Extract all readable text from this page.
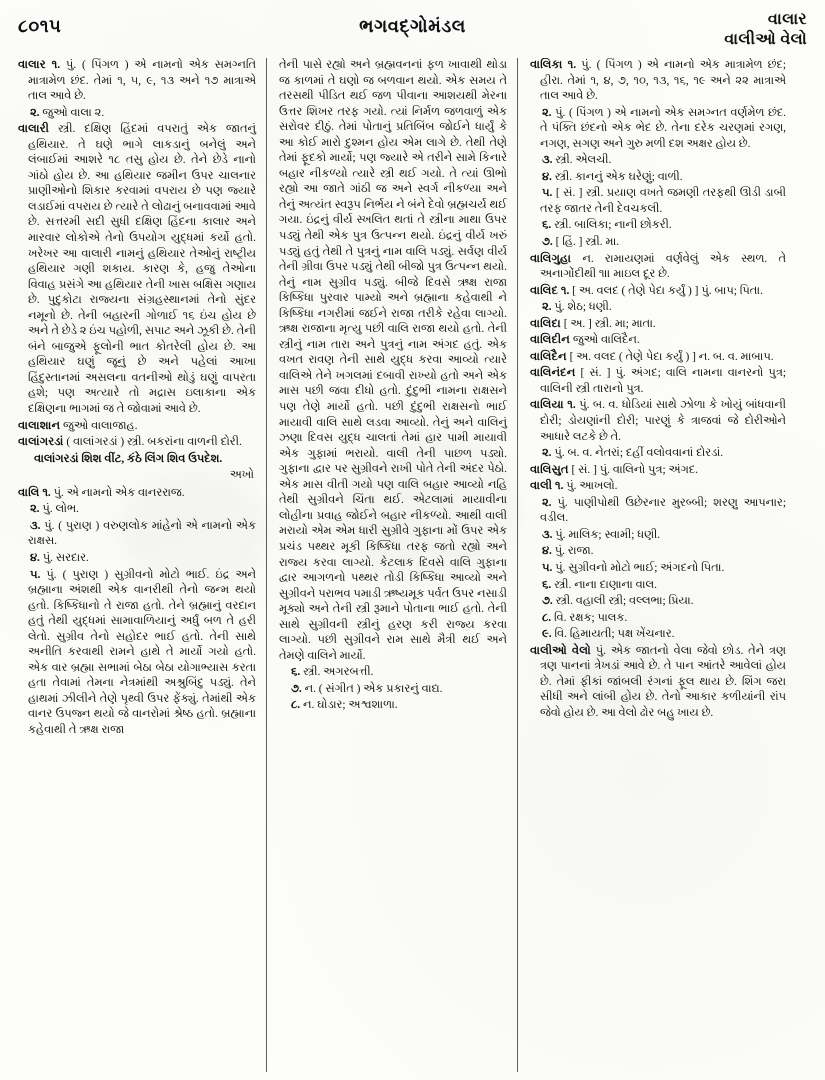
૮૦૧૫	ભગવદ્ગોમંડલ	વાલાર
વાલીઓ વેલો
વાલાર ૧. પું. ( પિંગળ ) એ નામનો એક સમગ્નતિ માત્રામેળ છંદ. તેમાં ૧, ૫, ૯, ૧૩ અને ૧૭ માત્રાએ તાલ આવે છે.
૨. જુઓ વાલા ૨.
વાલારી સ્ત્રી. દક્ષિણ હિંદમાં વપરાતું એક જાતનું હથિયાર. તે ઘણે ભાગે લાકડાનું બનેલું અને લંબાઈમાં આશરે ૧૮ તસુ હોય છે. તેને છેડે નાનો ગાંઠો હોય છે. આ હથિયાર જમીન ઉપર ચાલનાર પ્રાણીઓનો શિકાર કરવામાં વપરાય છે પણ જ્યારે લડાઈમાં વપરાય છે ત્યારે તે લોઢાનું બનાવવામાં આવે છે. સત્તરમી સદી સુધી દક્ષિણ હિંદના કાલાર અને મારવાર લોકોએ તેનો ઉપયોગ યુદ્ધમાં કર્યો હતો. ખરેખર આ વાલારી નામનું હથિયાર તેઓનું રાષ્ટ્રીય હથિયાર ગણી શકાય. કારણ કે, હજુ તેઓના વિવાહ પ્રસંગે આ હથિયાર તેની ખાસ બક્ષિસ ગણાય છે. પુદુકોટા રાજ્યના સંગ્રહસ્થાનમાં તેનો સુંદર નમૂનો છે. તેની બહારની ગોળાઈ ૧૬ ઇંચ હોય છે અને તે છેડે ૨ ઇંચ પહોળી, સપાટ અને ઝૂકી છે. તેની બંને બાજુએ ફૂલોની ભાત કોતરેલી હોય છે. આ હથિયાર ઘણું જૂનું છે અને પહેલાં આખા હિંદુસ્તાનમાં અસલના વતનીઓ થોડું ઘણું વાપરતા હશે; પણ અત્યારે તો મદ્રાસ ઇલાકાના એક દક્ષિણના ભાગમાં જ તે જોવામાં આવે છે.
વાલાશાન જુઓ વાલાજાહ.
વાલાંગરડાં ( વાલાંગરડાં ) સ્ત્રી. બકરાંના વાળની દોરી.
વાલાંગરડાં શિશ વીંટ, કંઠે લિંગ શિવ ઉપદેશ.
અખો
વાલિ ૧. પું. એ નામનો એક વાનરરાજ.
૨. પું. લોભ.
૩. પું. ( પુરાણ ) વરુણલોક માંહેનો એ નામનો એક રાક્ષસ.
૪. પું. સરદાર.
૫. પું. ( પુરાણ ) સુગ્રીવનો મોટો ભાઈ. ઇંદ્ર અને બ્રહ્માના અંશથી એક વાનરીથી તેનો જન્મ થયો હતો. કિષ્કિંધાનો તે રાજા હતો. તેને બ્રહ્માનું વરદાન હતું તેથી યુદ્ધમાં સામાવાળિયાનું અર્ધું બળ તે હરી લેતો. સુગ્રીવ તેનો સહોદર ભાઈ હતો. તેની સાથે અનીતિ કરવાથી રામને હાથે તે માર્યો ગયો હતો. એક વાર બ્રહ્મા સભામાં બેઠા બેઠા યોગાભ્યાસ કરતા હતા તેવામાં તેમના નેત્રમાંથી અશ્રુબિંદુ પડ્યું. તેને હાથમાં ઝીલીને તેણે પૃથ્વી ઉપર ફેંક્યું. તેમાંથી એક વાનર ઉપજ્ન થયો જે વાનરોમાં શ્રેષ્ઠ હતો. બ્રહ્માના કહેવાથી તે ઋક્ષ રાજા
તેની પાસે રહ્યો અને બ્રહ્મવનનાં ફળ ખાવાથી થોડા જ કાળમાં તે ઘણો જ બળવાન થયો. એક સમય તે તરસથી પીડિત થઈ જળ પીવાના આશયથી મેરના ઉત્તર શિખર તરફ ગયો. ત્યાં નિર્મળ જળવાળું એક સરોવર દીઠું. તેમાં પોતાનું પ્રતિબિંબ જોઈને ધાર્યું કે આ કોઈ મારો દુશ્મન હોય એમ લાગે છે. તેથી તેણે તેમાં ફૂદકો માર્યો; પણ જ્યારે એ તરીને સામે કિનારે બહાર નીકળ્યો ત્યારે સ્ત્રી થઈ ગયો. તે ત્યાં ઊભો રહ્યો આ જાતે ગાંઠી જ અને સ્વર્ગ નીકળ્યા અને તેનું અત્યંત સ્વરૂપ નિર્ભય ને બંને દેવો બ્રહ્મચર્ય થઈ ગયા. ઇંદ્રનું વીર્ય સ્ખલિત થતાં તે સ્ત્રીના માથા ઉપર પડ્યું તેથી એક પુત્ર ઉત્પન્ન થયો. ઇંદ્રનું વીર્ય ખરું પડ્યું હતું તેથી તે પુત્રનું નામ વાલિ પડ્યું. સર્વણ વીર્ય તેની ગ્રીવા ઉપર પડ્યું તેથી બીજો પુત્ર ઉત્પન્ન થયો. તેનું નામ સુગ્રીવ પડ્યું. બીજે દિવસે ઋક્ષ રાજા કિષ્કિંધા પુરવાર પામ્યો અને બ્રહ્માના કહેવાથી ને કિષ્કિંધા નગરીમાં જઈને રાજા તરીકે રહેવા લાગ્યો. ઋક્ષ રાજાના મૃત્યુ પછી વાલિ રાજા થયો હતો. તેની સ્ત્રીનું નામ તારા અને પુત્રનું નામ અંગદ હતું. એક વખત રાવણ તેની સાથે યુદ્ધ કરવા આવ્યો ત્યારે વાલિએ તેને ખગલમાં દબાવી રાખ્યો હતો અને એક માસ પછી જવા દીધો હતો. દુંદુભી નામના રાક્ષસને પણ તેણે માર્યો હતો. પછી દુંદુભી રાક્ષસનો ભાઈ માયાવી વાલિ સાથે લડવા આવ્યો. તેનું અને વાલિનું ઝણા દિવસ યુદ્ધ ચાલતાં તેમાં હાર પામી માયાવી એક ગુફામાં ભરાયો. વાલી તેની પાછળ પડ્યો. ગુફાના દ્વાર પર સુગ્રીવને રાખી પોતે તેની અંદર પેઠો. એક માસ વીતી ગયો પણ વાલિ બહાર આવ્યો નહિ તેથી સુગ્રીવને ચિંતા થઈ. એટલામાં માયાવીના લોહીના પ્રવાહ જોઈને બહાર નીકળ્યો. આથી વાલી મરાયો એમ એમ ધારી સુગ્રીવે ગુફાના મોં ઉપર એક પ્રચંડ પથ્થર મૂકી કિષ્કિંધા તરફ જતો રહ્યો અને રાજ્ય કરવા લાગ્યો. કેટલાક દિવસે વાલિ ગુફાના દ્વાર આગળનો પથ્થર તોડી કિષ્કિંધા આવ્યો અને સુગ્રીવને પરાભવ પમાડી ઋષ્યમૂક પર્વત ઉપર નસાડી મૂક્યો અને તેની સ્ત્રી રૂમાને પોતાના ભાઈ હતો. તેની સાથે સુગ્રીવની સ્ત્રીનું હરણ કરી રાજ્ય કરવા લાગ્યો. પછી સુગ્રીવને રામ સાથે મૈત્રી થઈ અને તેમણે વાલિને માર્યો.
૬. સ્ત્રી. અગરબત્તી.
૭. ન. ( સંગીત ) એક પ્રકારનું વાદ્ય.
૮. ન. ઘોડાર; અશ્વશાળા.
વાલિકા ૧. પું. ( પિંગળ ) એ નામનો એક માત્રામેળ છંદ; હીરા. તેમાં ૧, ૪, ૭, ૧૦, ૧૩, ૧૬, ૧૯ અને ૨૨ માત્રાએ તાલ આવે છે.
૨. પું. ( પિંગળ ) એ નામનો એક સમગ્નત વર્ણમેળ છંદ. તે પંક્તિ છંદનો એક ભેદ છે. તેના દરેક ચરણમાં રગણ, નગણ, સગણ અને ગુરુ મળી દશ અક્ષર હોય છે.
૩. સ્ત્રી. એલચી.
૪. સ્ત્રી. કાનનું એક ઘરેણું; વાળી.
૫. [ સં. ] સ્ત્રી. પ્રયાણ વખતે જમણી તરફથી ઊડી ડાબી તરફ જાતર તેની દેવચકલી.
૬. સ્ત્રી. બાલિકા; નાની છોકરી.
૭. [ હિં. ] સ્ત્રી. મા.
વાલિગુહા ન. રામાયણમાં વર્ણવેલું એક સ્થળ. તે અનાગોંદીથી ૧॥ માઇલ દૂર છે.
વાલિદ ૧. [ અ. વલદ ( તેણે પેદા કર્યું ) ] પું. બાપ; પિતા.
૨. પું. શેઠ; ધણી.
વાલિદા [ અ. ] સ્ત્રી. મા; માતા.
વાલિદીન જુઓ વાલિદૈન.
વાલિદૈન [ અ. વલદ ( તેણે પેદા કર્યું ) ] ન. બ. વ. માબાપ.
વાલિનંદન [ સં. ] પું. અંગદ; વાલિ નામના વાનરનો પુત્ર; વાલિની સ્ત્રી તારાનો પુત્ર.
વાલિયા ૧. પું. બ. વ. ધોડિયાં સાથે ઝોળા કે ખોયું બાંધવાની દોરી; ડોયણાંની દોરી; પારણું કે ત્રાજવાં જે દોરીઓને આધારે લટકે છે તે.
૨. પું. બ. વ. નેતરાં; દહીં વલોવવાનાં દોરડાં.
વાલિસુત [ સં. ] પું. વાલિનો પુત્ર; અંગદ.
વાલી ૧. પું. આખલો.
૨. પું. પાણીપોથી ઉછેરનાર મુરબ્બી; શરણુ આપનાર; વડીલ.
૩. પું. માલિક; સ્વામી; ધણી.
૪. પું. રાજા.
૫. પું. સુગ્રીવનો મોટો ભાઈ; અંગદનો પિતા.
૬. સ્ત્રી. નાના દાણાના વાલ.
૭. સ્ત્રી. વહાલી સ્ત્રી; વલ્લભા; પ્રિયા.
૮. વિ. રક્ષક; પાલક.
૯. વિ. હિમાયતી; પક્ષ ખેંચનાર.
વાલીઓ વેલો પું. એક જાતનો વેલા જેવો છોડ. તેને ત્રણ ત્રણ પાનનાં ત્રેખડાં આવે છે. તે પાન આંતરે આવેલાં હોય છે. તેમાં ફીકાં જાંબલી રંગનાં ફૂલ થાય છે. શિંગ જરા સીધી અને લાંબી હોય છે. તેનો આકાર કળીયાંની રાંપ જેવો હોય છે. આ વેલો ઢોર બહુ ખાય છે.
